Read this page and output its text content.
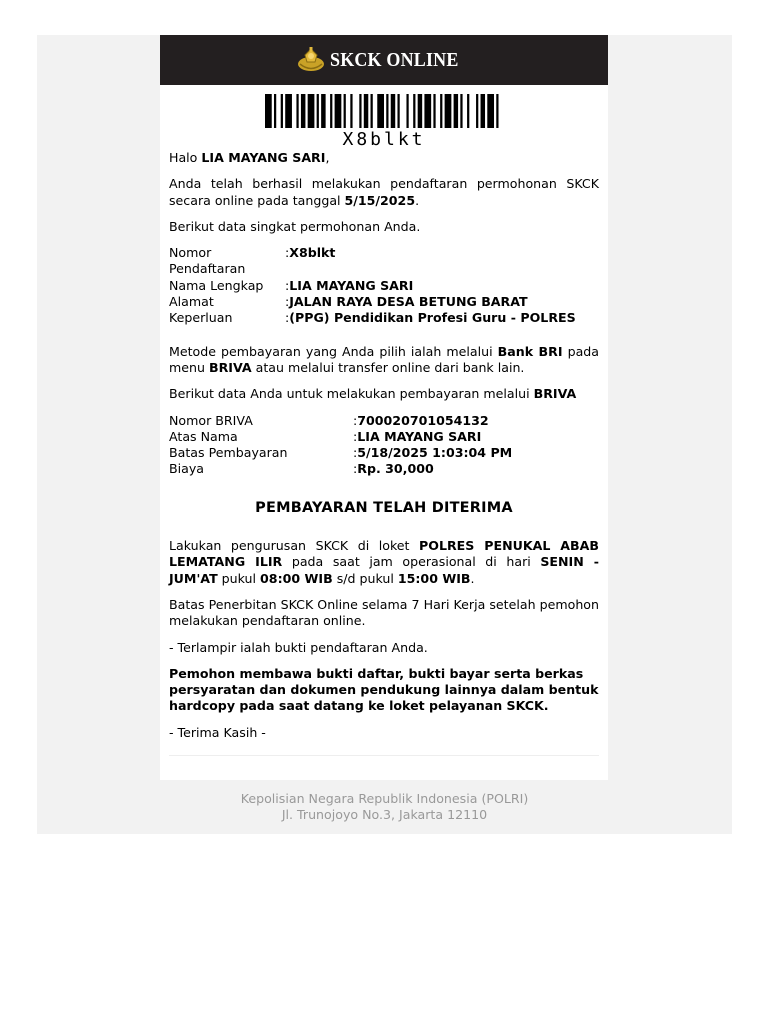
SKCK ONLINE
X8blkt

Halo LIA MAYANG SARI,

Anda telah berhasil melakukan pendaftaran permohonan SKCK secara online pada tanggal 5/15/2025.

Berikut data singkat permohonan Anda.

Nomor Pendaftaran
: X8blkt
Nama Lengkap	: LIA MAYANG SARI
Alamat	: JALAN RAYA DESA BETUNG BARAT
Keperluan	: (PPG) Pendidikan Profesi Guru - POLRES

Metode pembayaran yang Anda pilih ialah melalui Bank BRI pada menu BRIVA atau melalui transfer online dari bank lain.

Berikut data Anda untuk melakukan pembayaran melalui BRIVA

Nomor BRIVA	: 700020701054132
Atas Nama	: LIA MAYANG SARI
Batas Pembayaran	: 5/18/2025 1:03:04 PM
Biaya	: Rp. 30,000
PEMBAYARAN TELAH DITERIMA

Lakukan pengurusan SKCK di loket POLRES PENUKAL ABAB LEMATANG ILIR pada saat jam operasional di hari SENIN - JUM'AT pukul 08:00 WIB s/d pukul 15:00 WIB.

Batas Penerbitan SKCK Online selama 7 Hari Kerja setelah pemohon melakukan pendaftaran online.

- Terlampir ialah bukti pendaftaran Anda.

Pemohon membawa bukti daftar, bukti bayar serta berkas persyaratan dan dokumen pendukung lainnya dalam bentuk hardcopy pada saat datang ke loket pelayanan SKCK.

- Terima Kasih -

Kepolisian Negara Republik Indonesia (POLRI)
Jl. Trunojoyo No.3, Jakarta 12110
